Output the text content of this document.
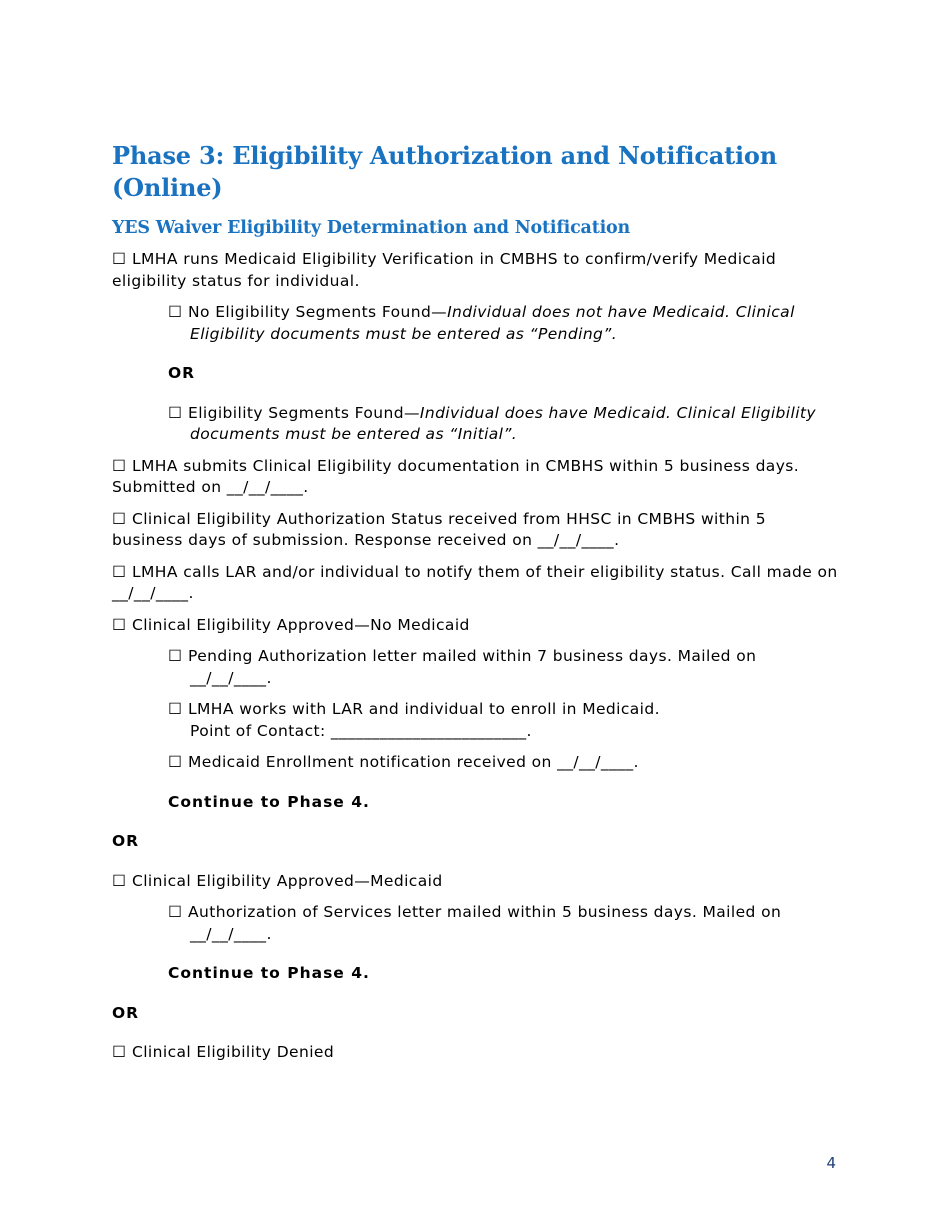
Phase 3: Eligibility Authorization and Notification (Online)
YES Waiver Eligibility Determination and Notification
☐ LMHA runs Medicaid Eligibility Verification in CMBHS to confirm/verify Medicaid eligibility status for individual.
☐ No Eligibility Segments Found—Individual does not have Medicaid. Clinical Eligibility documents must be entered as “Pending”.
OR
☐ Eligibility Segments Found—Individual does have Medicaid. Clinical Eligibility documents must be entered as “Initial”.
☐ LMHA submits Clinical Eligibility documentation in CMBHS within 5 business days. Submitted on __/__/____.
☐ Clinical Eligibility Authorization Status received from HHSC in CMBHS within 5 business days of submission. Response received on __/__/____.
☐ LMHA calls LAR and/or individual to notify them of their eligibility status. Call made on __/__/____.
☐ Clinical Eligibility Approved—No Medicaid
☐ Pending Authorization letter mailed within 7 business days. Mailed on __/__/____.
☐ LMHA works with LAR and individual to enroll in Medicaid.
Point of Contact: ________________________.
☐ Medicaid Enrollment notification received on __/__/____.
Continue to Phase 4.
OR
☐ Clinical Eligibility Approved—Medicaid
☐ Authorization of Services letter mailed within 5 business days. Mailed on __/__/____.
Continue to Phase 4.
OR
☐ Clinical Eligibility Denied
4
